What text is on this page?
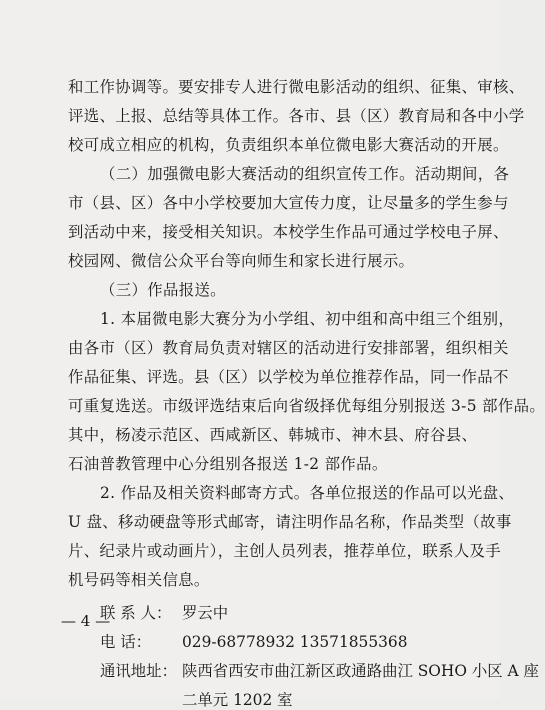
和工作协调等。要安排专人进行微电影活动的组织、征集、审核、
评选、上报、总结等具体工作。各市、县（区）教育局和各中小学
校可成立相应的机构，负责组织本单位微电影大赛活动的开展。
（二）加强微电影大赛活动的组织宣传工作。活动期间，各
市（县、区）各中小学校要加大宣传力度，让尽量多的学生参与
到活动中来，接受相关知识。本校学生作品可通过学校电子屏、
校园网、微信公众平台等向师生和家长进行展示。
（三）作品报送。
1. 本届微电影大赛分为小学组、初中组和高中组三个组别，
由各市（区）教育局负责对辖区的活动进行安排部署，组织相关
作品征集、评选。县（区）以学校为单位推荐作品，同一作品不
可重复选送。市级评选结束后向省级择优每组分别报送 3-5 部作品。
其中，杨凌示范区、西咸新区、韩城市、神木县、府谷县、
石油普教管理中心分组别各报送 1-2 部作品。
2. 作品及相关资料邮寄方式。各单位报送的作品可以光盘、
U 盘、移动硬盘等形式邮寄，请注明作品名称，作品类型（故事
片、纪录片或动画片），主创人员列表，推荐单位，联系人及手
机号码等相关信息。
联 系 人： 罗云中
电 话： 029-68778932 13571855368
通讯地址： 陕西省西安市曲江新区政通路曲江 SOHO 小区 A 座
二单元 1202 室
— 4 —
